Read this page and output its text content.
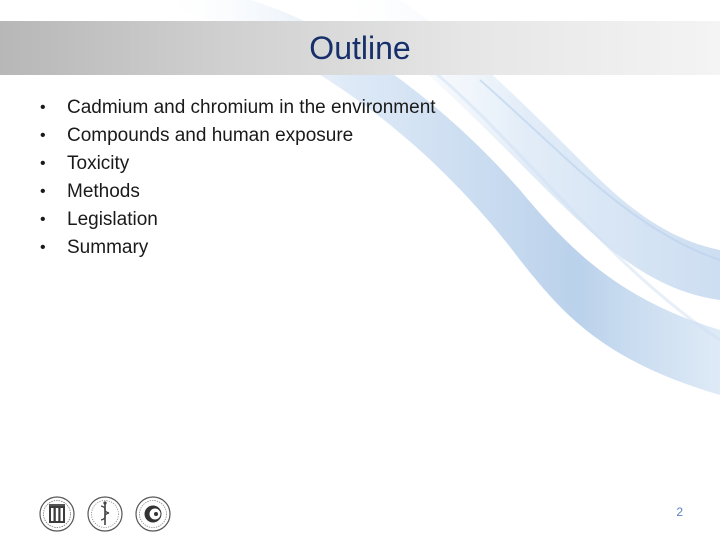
Outline
• Cadmium and chromium in the environment
• Compounds and human exposure
• Toxicity
• Methods
• Legislation
• Summary
2
